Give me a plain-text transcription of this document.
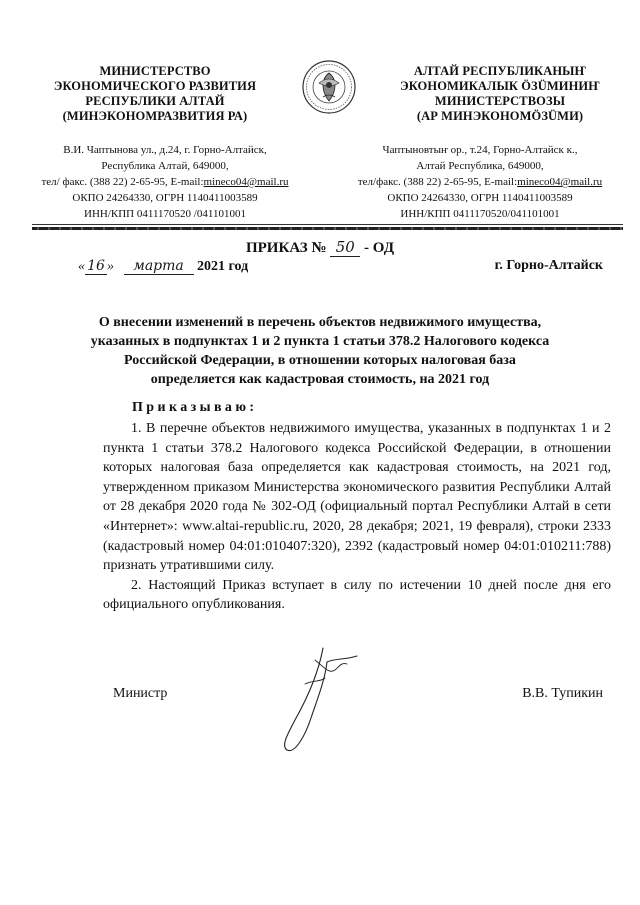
МИНИСТЕРСТВО
ЭКОНОМИЧЕСКОГО РАЗВИТИЯ
РЕСПУБЛИКИ АЛТАЙ
(МИНЭКОНОМРАЗВИТИЯ РА)
АЛТАЙ РЕСПУБЛИКАНЫҤ
ЭКОНОМИКАЛЫК ÖЗÜМИНИҤ
МИНИСТЕРСТВОЗЫ
(АР МИНЭКОНОМÖЗÜМИ)
В.И. Чаптынова ул., д.24, г. Горно-Алтайск,
Республика Алтай, 649000,
тел/ факс. (388 22) 2-65-95, E-mail:mineco04@mail.ru
ОКПО 24264330, ОГРН 1140411003589
ИНН/КПП 0411170520 /041101001
Чаптыновтыҥ ор., т.24, Горно-Алтайск к.,
Алтай Республика, 649000,
тел/факс. (388 22) 2-65-95, E-mail:mineco04@mail.ru
ОКПО 24264330, ОГРН 1140411003589
ИНН/КПП 0411170520/041101001
ПРИКАЗ № 50 - ОД
« 16 » марта 2021 год	г. Горно-Алтайск
О внесении изменений в перечень объектов недвижимого имущества,
указанных в подпунктах 1 и 2 пункта 1 статьи 378.2 Налогового кодекса
Российской Федерации, в отношении которых налоговая база
определяется как кадастровая стоимость, на 2021 год
Приказываю:

1. В перечне объектов недвижимого имущества, указанных в подпунктах 1 и 2 пункта 1 статьи 378.2 Налогового кодекса Российской Федерации, в отношении которых налоговая база определяется как кадастровая стоимость, на 2021 год, утвержденном приказом Министерства экономического развития Республики Алтай от 28 декабря 2020 года № 302-ОД (официальный портал Республики Алтай в сети «Интернет»: www.altai-republic.ru, 2020, 28 декабря; 2021, 19 февраля), строки 2333 (кадастровый номер 04:01:010407:320), 2392 (кадастровый номер 04:01:010211:788) признать утратившими силу.

2. Настоящий Приказ вступает в силу по истечении 10 дней после дня его официального опубликования.

Министр	В.В. Тупикин
